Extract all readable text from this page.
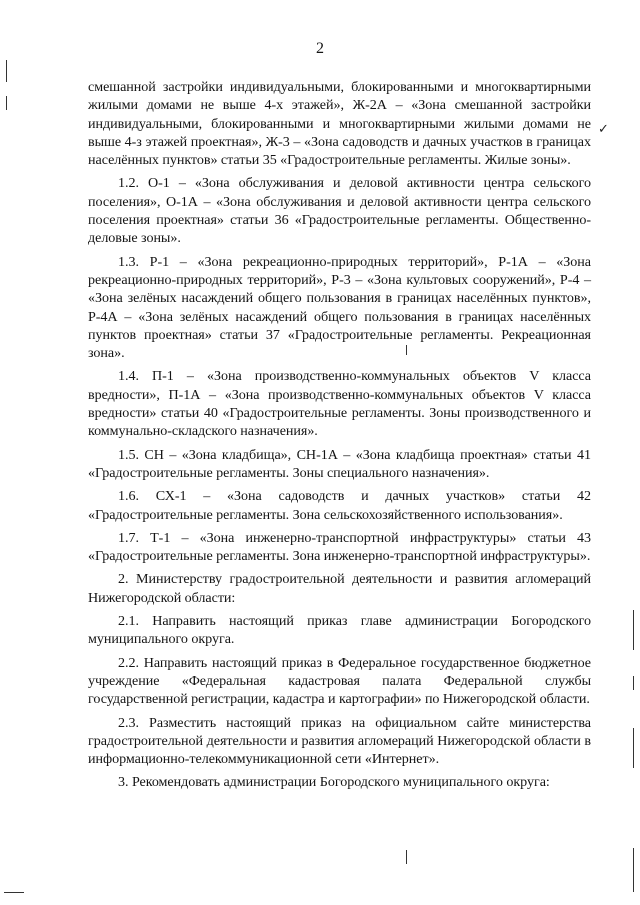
2
✓

смешанной застройки индивидуальными, блокированными и многоквартирными жилыми домами не выше 4-х этажей», Ж-2А – «Зона смешанной застройки индивидуальными, блокированными и многоквартирными жилыми домами не выше 4-з этажей проектная», Ж-3 – «Зона садоводств и дачных участков в границах населённых пунктов» статьи 35 «Градостроительные регламенты. Жилые зоны».

1.2. О-1 – «Зона обслуживания и деловой активности центра сельского поселения», О-1А – «Зона обслуживания и деловой активности центра сельского поселения проектная» статьи 36 «Градостроительные регламенты. Общественно-деловые зоны».

1.3. Р-1 – «Зона рекреационно-природных территорий», Р-1А – «Зона рекреационно-природных территорий», Р-3 – «Зона культовых сооружений», Р-4 – «Зона зелёных насаждений общего пользования в границах населённых пунктов», Р-4А – «Зона зелёных насаждений общего пользования в границах населённых пунктов проектная» статьи 37 «Градостроительные регламенты. Рекреационная зона».

1.4. П-1 – «Зона производственно-коммунальных объектов V класса вредности», П-1А – «Зона производственно-коммунальных объектов V класса вредности» статьи 40 «Градостроительные регламенты. Зоны производственного и коммунально-складского назначения».

1.5. СН – «Зона кладбища», СН-1А – «Зона кладбища проектная» статьи 41 «Градостроительные регламенты. Зоны специального назначения».

1.6. СХ-1 – «Зона садоводств и дачных участков» статьи 42 «Градостроительные регламенты. Зона сельскохозяйственного использования».

1.7. Т-1 – «Зона инженерно-транспортной инфраструктуры» статьи 43 «Градостроительные регламенты. Зона инженерно-транспортной инфраструктуры».

2. Министерству градостроительной деятельности и развития агломераций Нижегородской области:

2.1. Направить настоящий приказ главе администрации Богородского муниципального округа.

2.2. Направить настоящий приказ в Федеральное государственное бюджетное учреждение «Федеральная кадастровая палата Федеральной службы государственной регистрации, кадастра и картографии» по Нижегородской области.

2.3. Разместить настоящий приказ на официальном сайте министерства градостроительной деятельности и развития агломераций Нижегородской области в информационно-телекоммуникационной сети «Интернет».

3. Рекомендовать администрации Богородского муниципального округа:
